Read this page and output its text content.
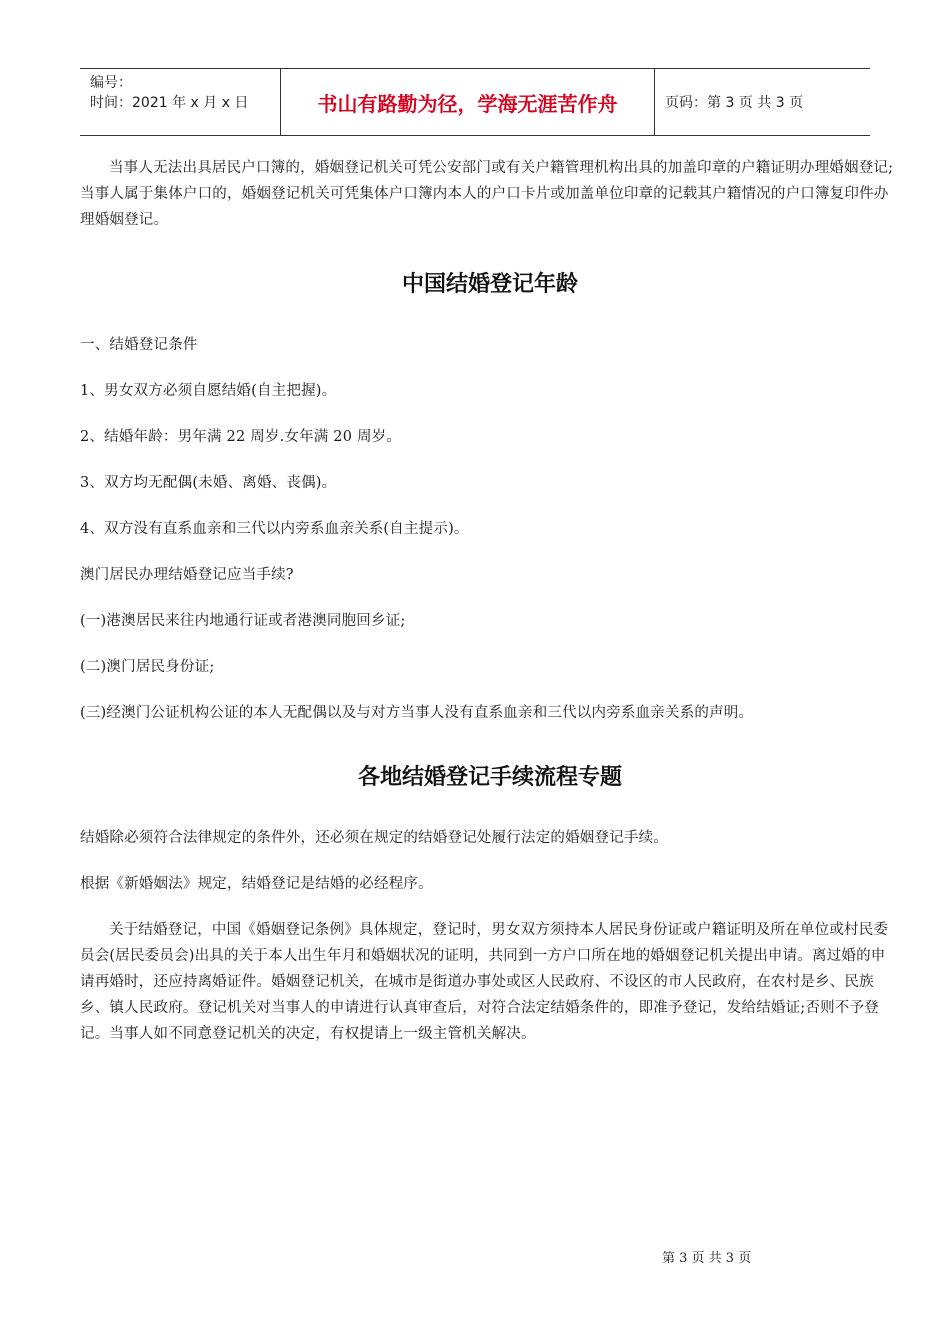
编号：
时间：2021 年 x 月 x 日	书山有路勤为径，学海无涯苦作舟	页码：第 3 页 共 3 页

当事人无法出具居民户口簿的，婚姻登记机关可凭公安部门或有关户籍管理机构出具的加盖印章的户籍证明办理婚姻登记;当事人属于集体户口的，婚姻登记机关可凭集体户口簿内本人的户口卡片或加盖单位印章的记载其户籍情况的户口簿复印件办理婚姻登记。

中国结婚登记年龄

一、结婚登记条件

1、男女双方必须自愿结婚(自主把握)。

2、结婚年龄：男年满 22 周岁.女年满 20 周岁。

3、双方均无配偶(未婚、离婚、丧偶)。

4、双方没有直系血亲和三代以内旁系血亲关系(自主提示)。

澳门居民办理结婚登记应当手续?

(一)港澳居民来往内地通行证或者港澳同胞回乡证;

(二)澳门居民身份证;

(三)经澳门公证机构公证的本人无配偶以及与对方当事人没有直系血亲和三代以内旁系血亲关系的声明。

各地结婚登记手续流程专题

结婚除必须符合法律规定的条件外，还必须在规定的结婚登记处履行法定的婚姻登记手续。

根据《新婚姻法》规定，结婚登记是结婚的必经程序。

关于结婚登记，中国《婚姻登记条例》具体规定，登记时，男女双方须持本人居民身份证或户籍证明及所在单位或村民委员会(居民委员会)出具的关于本人出生年月和婚姻状况的证明，共同到一方户口所在地的婚姻登记机关提出申请。离过婚的申请再婚时，还应持离婚证件。婚姻登记机关，在城市是街道办事处或区人民政府、不设区的市人民政府，在农村是乡、民族乡、镇人民政府。登记机关对当事人的申请进行认真审查后，对符合法定结婚条件的，即准予登记，发给结婚证;否则不予登记。当事人如不同意登记机关的决定，有权提请上一级主管机关解决。

第 3 页 共 3 页
